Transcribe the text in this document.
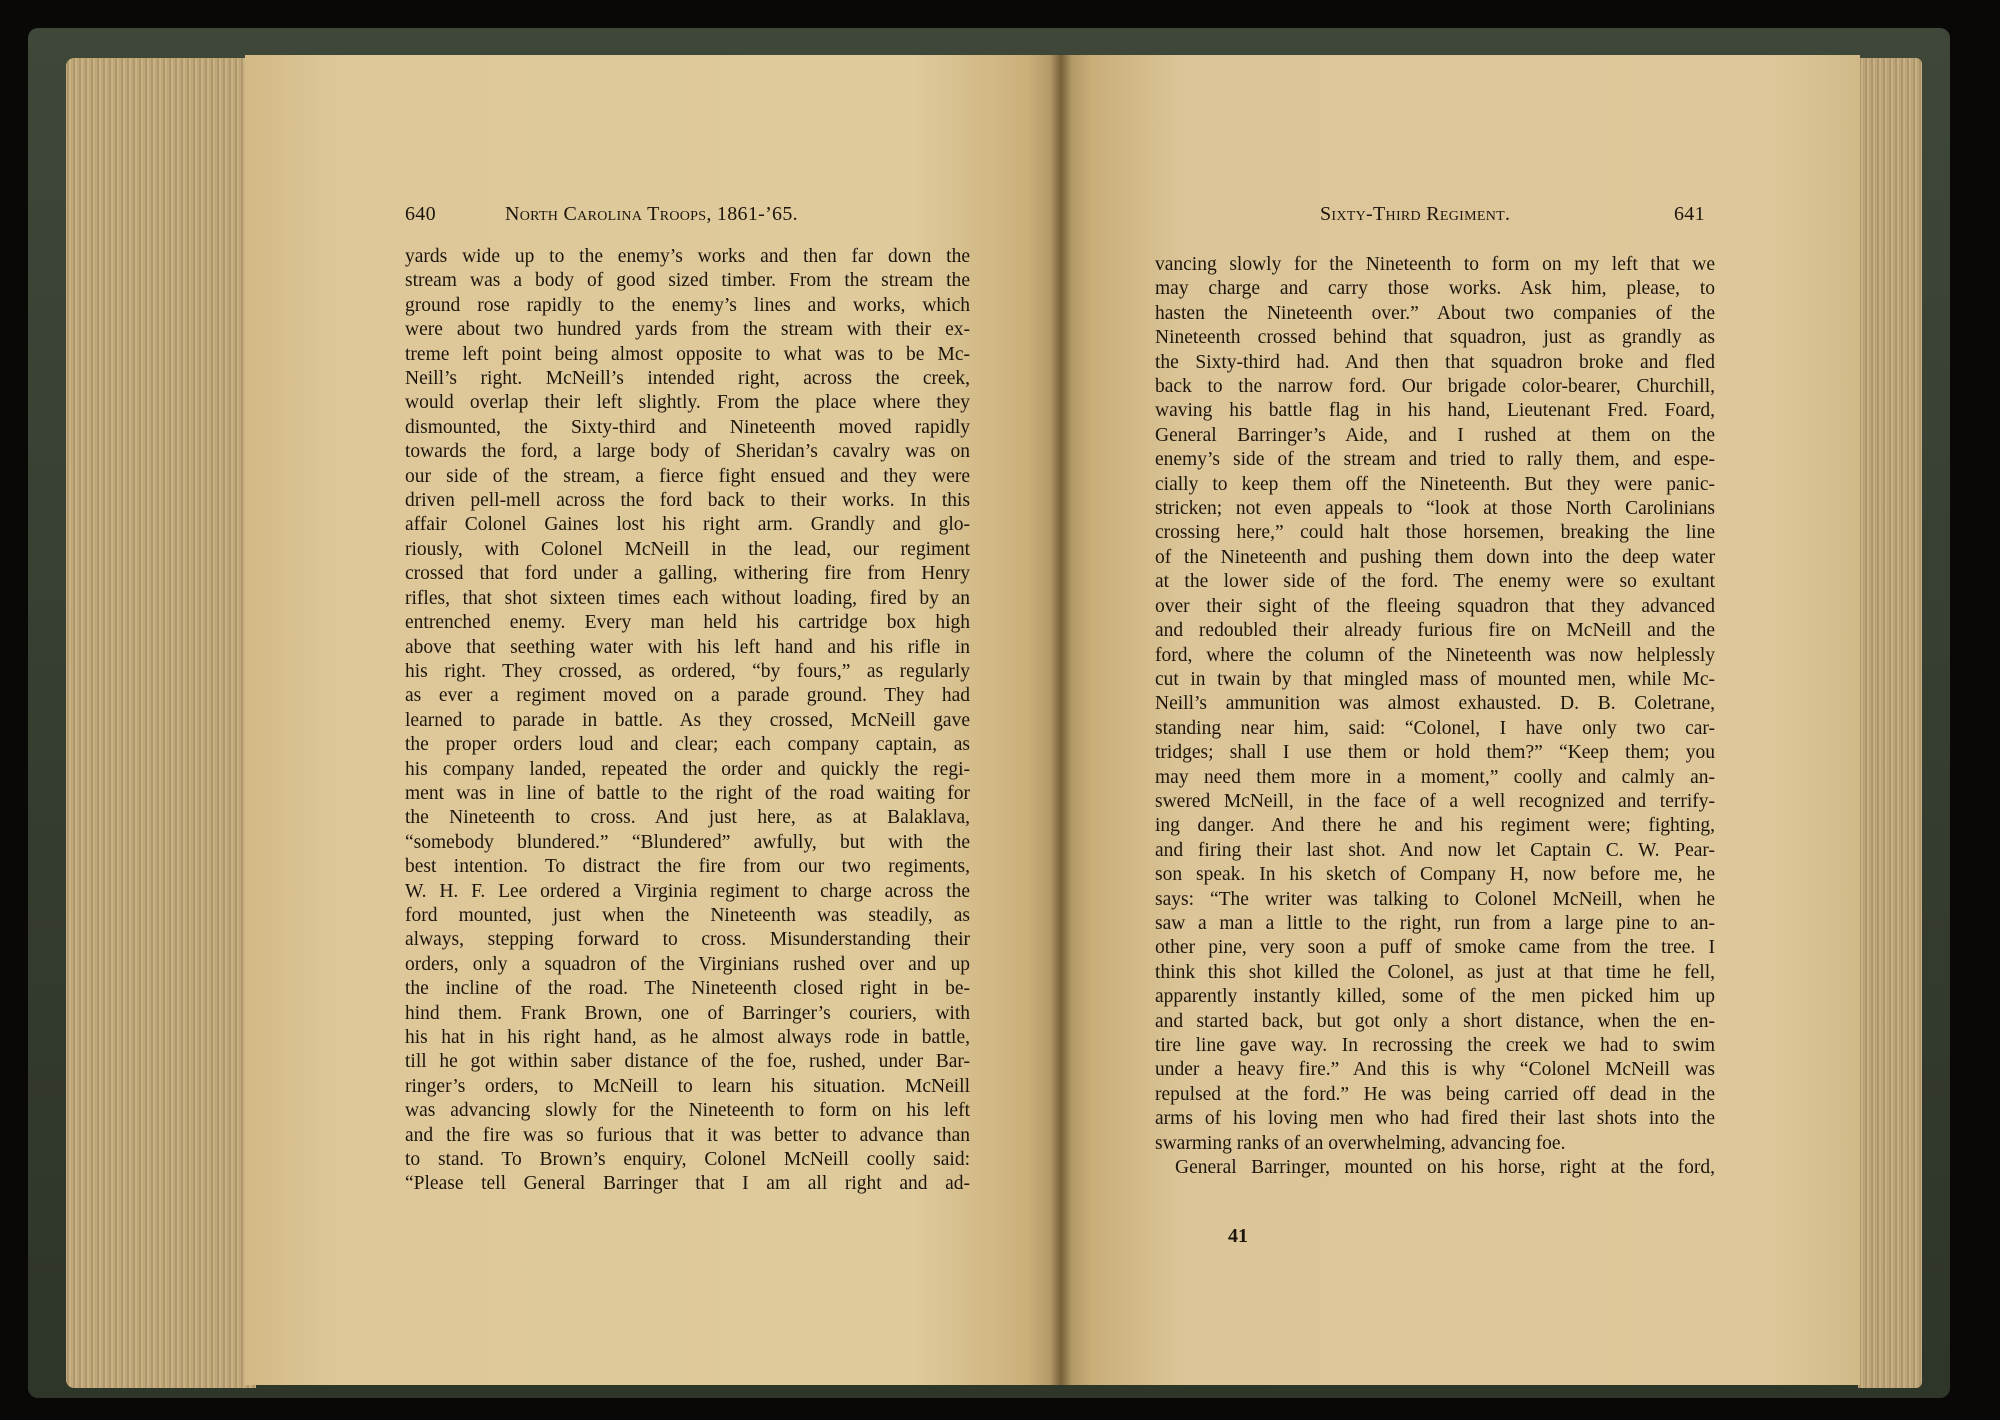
640	North Carolina Troops, 1861-’65.
yards wide up to the enemy’s works and then far down the
stream was a body of good sized timber. From the stream the
ground rose rapidly to the enemy’s lines and works, which
were about two hundred yards from the stream with their ex-
treme left point being almost opposite to what was to be Mc-
Neill’s right. McNeill’s intended right, across the creek,
would overlap their left slightly. From the place where they
dismounted, the Sixty-third and Nineteenth moved rapidly
towards the ford, a large body of Sheridan’s cavalry was on
our side of the stream, a fierce fight ensued and they were
driven pell-mell across the ford back to their works. In this
affair Colonel Gaines lost his right arm. Grandly and glo-
riously, with Colonel McNeill in the lead, our regiment
crossed that ford under a galling, withering fire from Henry
rifles, that shot sixteen times each without loading, fired by an
entrenched enemy. Every man held his cartridge box high
above that seething water with his left hand and his rifle in
his right. They crossed, as ordered, “by fours,” as regularly
as ever a regiment moved on a parade ground. They had
learned to parade in battle. As they crossed, McNeill gave
the proper orders loud and clear; each company captain, as
his company landed, repeated the order and quickly the regi-
ment was in line of battle to the right of the road waiting for
the Nineteenth to cross. And just here, as at Balaklava,
“somebody blundered.” “Blundered” awfully, but with the
best intention. To distract the fire from our two regiments,
W. H. F. Lee ordered a Virginia regiment to charge across the
ford mounted, just when the Nineteenth was steadily, as
always, stepping forward to cross. Misunderstanding their
orders, only a squadron of the Virginians rushed over and up
the incline of the road. The Nineteenth closed right in be-
hind them. Frank Brown, one of Barringer’s couriers, with
his hat in his right hand, as he almost always rode in battle,
till he got within saber distance of the foe, rushed, under Bar-
ringer’s orders, to McNeill to learn his situation. McNeill
was advancing slowly for the Nineteenth to form on his left
and the fire was so furious that it was better to advance than
to stand. To Brown’s enquiry, Colonel McNeill coolly said:
“Please tell General Barringer that I am all right and ad-
Sixty-Third Regiment.	641
vancing slowly for the Nineteenth to form on my left that we
may charge and carry those works. Ask him, please, to
hasten the Nineteenth over.” About two companies of the
Nineteenth crossed behind that squadron, just as grandly as
the Sixty-third had. And then that squadron broke and fled
back to the narrow ford. Our brigade color-bearer, Churchill,
waving his battle flag in his hand, Lieutenant Fred. Foard,
General Barringer’s Aide, and I rushed at them on the
enemy’s side of the stream and tried to rally them, and espe-
cially to keep them off the Nineteenth. But they were panic-
stricken; not even appeals to “look at those North Carolinians
crossing here,” could halt those horsemen, breaking the line
of the Nineteenth and pushing them down into the deep water
at the lower side of the ford. The enemy were so exultant
over their sight of the fleeing squadron that they advanced
and redoubled their already furious fire on McNeill and the
ford, where the column of the Nineteenth was now helplessly
cut in twain by that mingled mass of mounted men, while Mc-
Neill’s ammunition was almost exhausted. D. B. Coletrane,
standing near him, said: “Colonel, I have only two car-
tridges; shall I use them or hold them?” “Keep them; you
may need them more in a moment,” coolly and calmly an-
swered McNeill, in the face of a well recognized and terrify-
ing danger. And there he and his regiment were; fighting,
and firing their last shot. And now let Captain C. W. Pear-
son speak. In his sketch of Company H, now before me, he
says: “The writer was talking to Colonel McNeill, when he
saw a man a little to the right, run from a large pine to an-
other pine, very soon a puff of smoke came from the tree. I
think this shot killed the Colonel, as just at that time he fell,
apparently instantly killed, some of the men picked him up
and started back, but got only a short distance, when the en-
tire line gave way. In recrossing the creek we had to swim
under a heavy fire.” And this is why “Colonel McNeill was
repulsed at the ford.” He was being carried off dead in the
arms of his loving men who had fired their last shots into the
swarming ranks of an overwhelming, advancing foe.
General Barringer, mounted on his horse, right at the ford,
41
